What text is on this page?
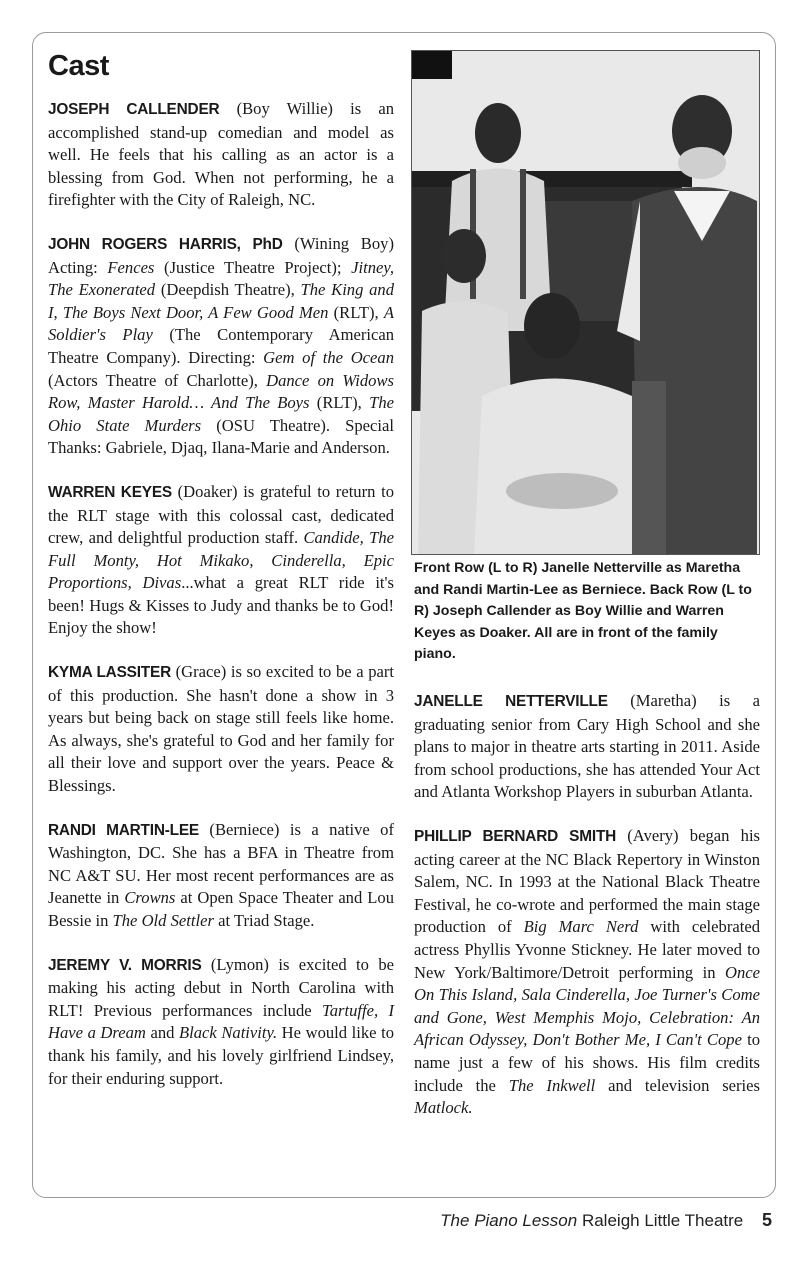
Cast

JOSEPH CALLENDER (Boy Willie) is an accomplished stand-up comedian and model as well. He feels that his calling as an actor is a blessing from God. When not performing, he a firefighter with the City of Raleigh, NC.

JOHN ROGERS HARRIS, PhD (Wining Boy) Acting: Fences (Justice Theatre Project); Jitney, The Exonerated (Deepdish Theatre), The King and I, The Boys Next Door, A Few Good Men (RLT), A Soldier's Play (The Contemporary American Theatre Company). Directing: Gem of the Ocean (Actors Theatre of Charlotte), Dance on Widows Row, Master Harold… And The Boys (RLT), The Ohio State Murders (OSU Theatre). Special Thanks: Gabriele, Djaq, Ilana-Marie and Anderson.

WARREN KEYES (Doaker) is grateful to return to the RLT stage with this colossal cast, dedicated crew, and delightful production staff. Candide, The Full Monty, Hot Mikako, Cinderella, Epic Proportions, Divas...what a great RLT ride it's been! Hugs & Kisses to Judy and thanks be to God! Enjoy the show!

KYMA LASSITER (Grace) is so excited to be a part of this production. She hasn't done a show in 3 years but being back on stage still feels like home. As always, she's grateful to God and her family for all their love and support over the years. Peace & Blessings.

RANDI MARTIN-LEE (Berniece) is a native of Washington, DC. She has a BFA in Theatre from NC A&T SU. Her most recent performances are as Jeanette in Crowns at Open Space Theater and Lou Bessie in The Old Settler at Triad Stage.

JEREMY V. MORRIS (Lymon) is excited to be making his acting debut in North Carolina with RLT! Previous performances include Tartuffe, I Have a Dream and Black Nativity. He would like to thank his family, and his lovely girlfriend Lindsey, for their enduring support.

Front Row (L to R) Janelle Netterville as Maretha and Randi Martin-Lee as Berniece. Back Row (L to R) Joseph Callender as Boy Willie and Warren Keyes as Doaker. All are in front of the family piano.

JANELLE NETTERVILLE (Maretha) is a graduating senior from Cary High School and she plans to major in theatre arts starting in 2011. Aside from school productions, she has attended Your Act and Atlanta Workshop Players in suburban Atlanta.

PHILLIP BERNARD SMITH (Avery) began his acting career at the NC Black Repertory in Winston Salem, NC. In 1993 at the National Black Theatre Festival, he co-wrote and performed the main stage production of Big Marc Nerd with celebrated actress Phyllis Yvonne Stickney. He later moved to New York/Baltimore/Detroit performing in Once On This Island, Sala Cinderella, Joe Turner's Come and Gone, West Memphis Mojo, Celebration: An African Odyssey, Don't Bother Me, I Can't Cope to name just a few of his shows. His film credits include the The Inkwell and television series Matlock.

The Piano Lesson Raleigh Little Theatre 5
